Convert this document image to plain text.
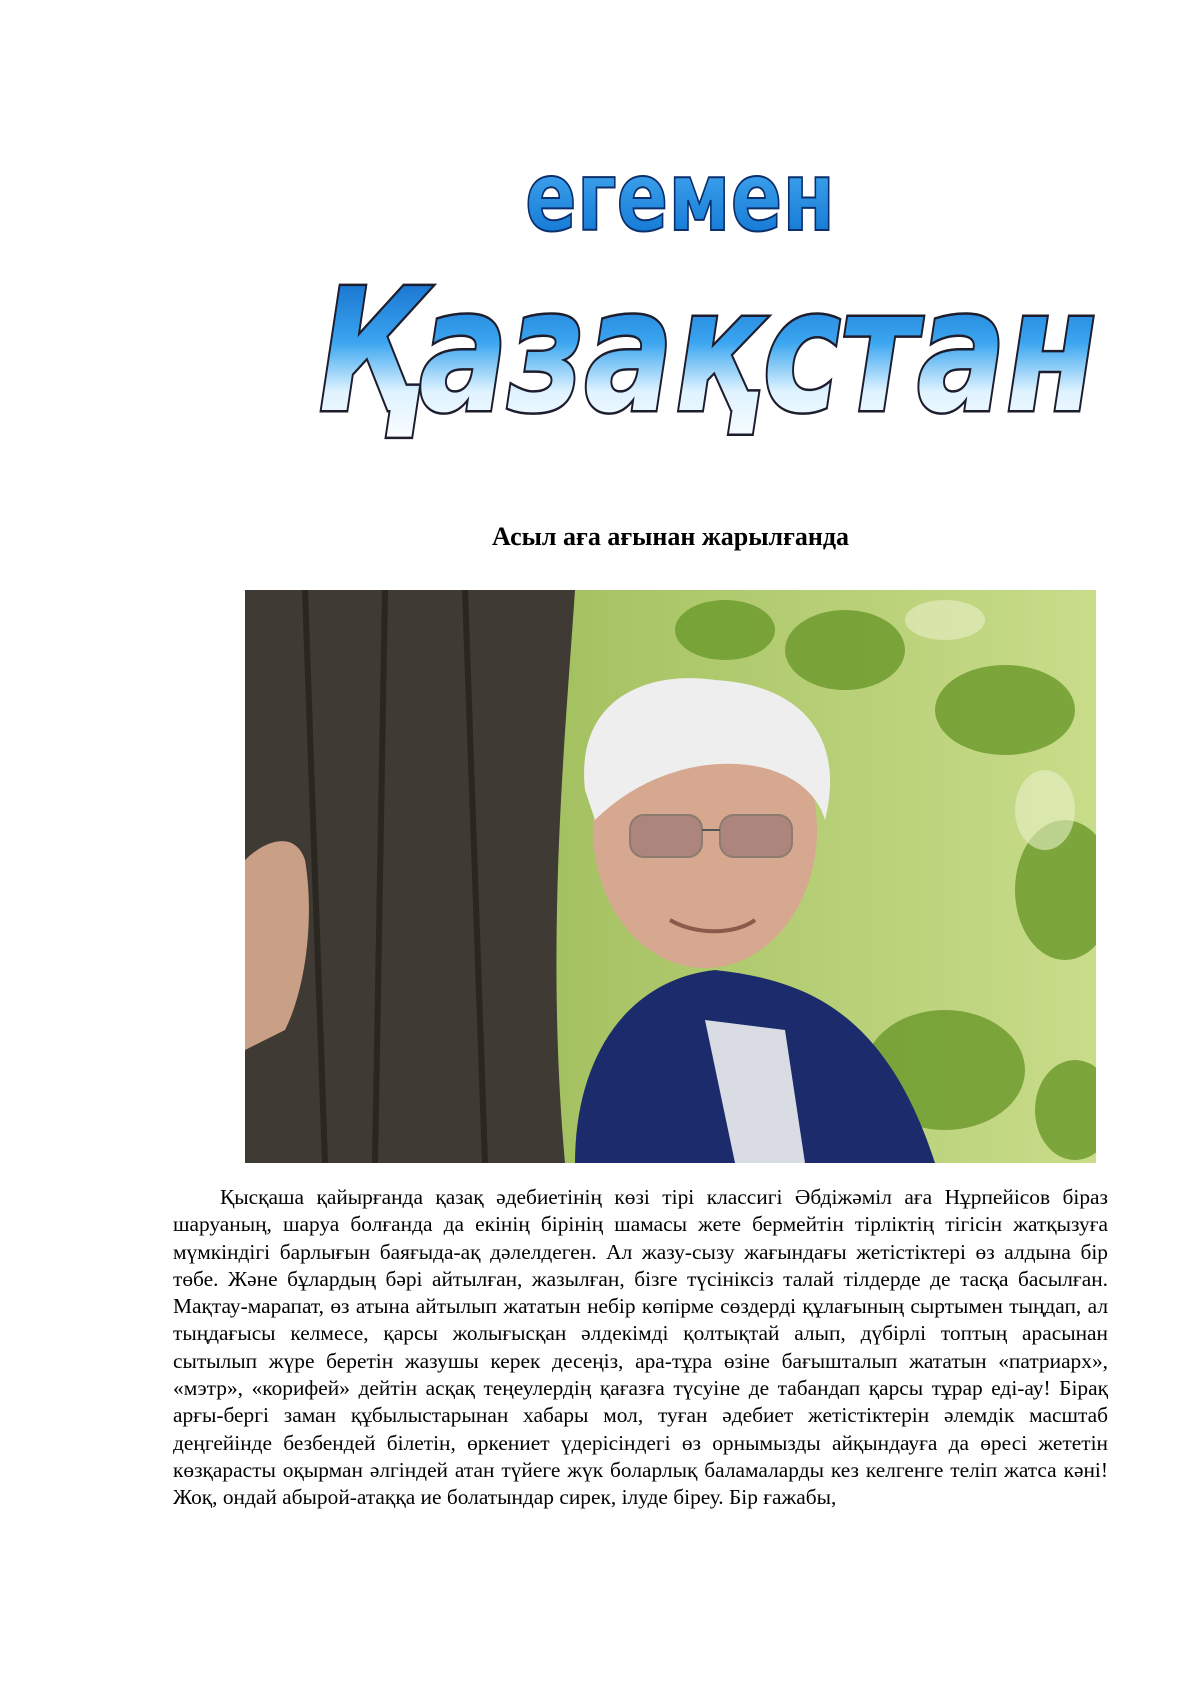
егемен
Қазақстан
Асыл аға ағынан жарылғанда
Қысқаша қайырғанда қазақ әдебиетінің көзі тірі классигі Әбдіжәміл аға Нұрпейісов біраз шаруаның, шаруа болғанда да екінің бірінің шамасы жете бермейтін тірліктің тігісін жатқызуға мүмкіндігі барлығын баяғыда-ақ дәлелдеген. Ал жазу-сызу жағындағы жетістіктері өз алдына бір төбе. Және бұлардың бәрі айтылған, жазылған, бізге түсініксіз талай тілдерде де тасқа басылған. Мақтау-марапат, өз атына айтылып жататын небір көпірме сөздерді құлағының сыртымен тыңдап, ал тыңдағысы келмесе, қарсы жолығысқан әлдекімді қолтықтай алып, дүбірлі топтың арасынан сытылып жүре беретін жазушы керек десеңіз, ара-тұра өзіне бағышталып жататын «патриарх», «мэтр», «корифей» дейтін асқақ теңеулердің қағазға түсуіне де табандап қарсы тұрар еді-ау! Бірақ арғы-бергі заман құбылыстарынан хабары мол, туған әдебиет жетістіктерін әлемдік масштаб деңгейінде безбендей білетін, өркениет үдерісіндегі өз орнымызды айқындауға да өресі жететін көзқарасты оқырман әлгіндей атан түйеге жүк боларлық баламаларды кез келгенге теліп жатса кәні! Жоқ, ондай абырой-атаққа ие болатындар сирек, ілуде біреу. Бір ғажабы,
